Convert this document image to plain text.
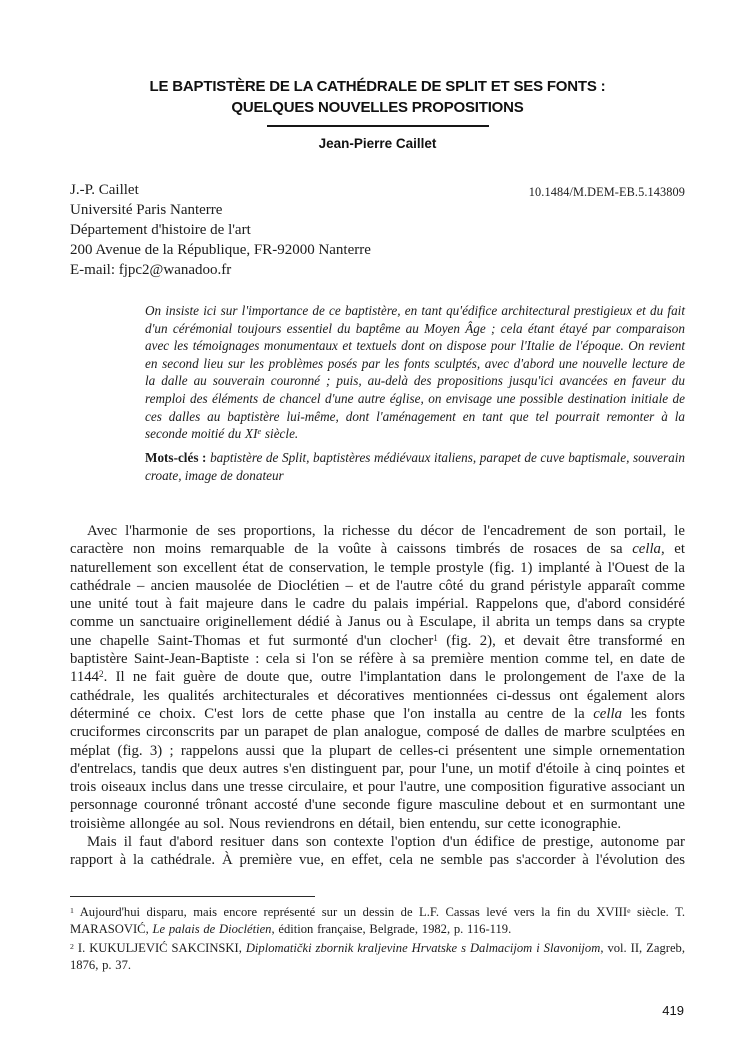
LE BAPTISTÈRE DE LA CATHÉDRALE DE SPLIT ET SES FONTS : QUELQUES NOUVELLES PROPOSITIONS
Jean-Pierre Caillet
10.1484/M.DEM-EB.5.143809
J.-P. Caillet
Université Paris Nanterre
Département d'histoire de l'art
200 Avenue de la République, FR-92000 Nanterre
E-mail: fjpc2@wanadoo.fr
On insiste ici sur l'importance de ce baptistère, en tant qu'édifice architectural prestigieux et du fait d'un cérémonial toujours essentiel du baptême au Moyen Âge ; cela étant étayé par comparaison avec les témoignages monumentaux et textuels dont on dispose pour l'Italie de l'époque. On revient en second lieu sur les problèmes posés par les fonts sculptés, avec d'abord une nouvelle lecture de la dalle au souverain couronné ; puis, au-delà des propositions jusqu'ici avancées en faveur du remploi des éléments de chancel d'une autre église, on envisage une possible destination initiale de ces dalles au baptistère lui-même, dont l'aménagement en tant que tel pourrait remonter à la seconde moitié du XIe siècle.
Mots-clés : baptistère de Split, baptistères médiévaux italiens, parapet de cuve baptismale, souverain croate, image de donateur

Avec l'harmonie de ses proportions, la richesse du décor de l'encadrement de son portail, le caractère non moins remarquable de la voûte à caissons timbrés de rosaces de sa cella, et naturellement son excellent état de conservation, le temple prostyle (fig. 1) implanté à l'Ouest de la cathédrale – ancien mausolée de Dioclétien – et de l'autre côté du grand péristyle apparaît comme une unité tout à fait majeure dans le cadre du palais impérial. Rappelons que, d'abord considéré comme un sanctuaire originellement dédié à Janus ou à Esculape, il abrita un temps dans sa crypte une chapelle Saint-Thomas et fut surmonté d'un clocher$^1$ (fig. 2), et devait être transformé en baptistère Saint-Jean-Baptiste : cela si l'on se réfère à sa première mention comme tel, en date de 1144$^2$. Il ne fait guère de doute que, outre l'implantation dans le prolongement de l'axe de la cathédrale, les qualités architecturales et décoratives mentionnées ci-dessus ont également alors déterminé ce choix. C'est lors de cette phase que l'on installa au centre de la cella les fonts cruciformes circonscrits par un parapet de plan analogue, composé de dalles de marbre sculptées en méplat (fig. 3) ; rappelons aussi que la plupart de celles-ci présentent une simple ornementation d'entrelacs, tandis que deux autres s'en distinguent par, pour l'une, un motif d'étoile à cinq pointes et trois oiseaux inclus dans une tresse circulaire, et pour l'autre, une composition figurative associant un personnage couronné trônant accosté d'une seconde figure masculine debout et en surmontant une troisième allongée au sol. Nous reviendrons en détail, bien entendu, sur cette iconographie.

Mais il faut d'abord resituer dans son contexte l'option d'un édifice de prestige, autonome par rapport à la cathédrale. À première vue, en effet, cela ne semble pas s'accorder à l'évolution des

$^1$ Aujourd'hui disparu, mais encore représenté sur un dessin de L.F. Cassas levé vers la fin du XVIIIe siècle. T. MARASOVIĆ, Le palais de Dioclétien, édition française, Belgrade, 1982, p. 116-119.

$^2$ I. KUKULJEVIĆ SAKCINSKI, Diplomatički zbornik kraljevine Hrvatske s Dalmacijom i Slavonijom, vol. II, Zagreb, 1876, p. 37.

419
